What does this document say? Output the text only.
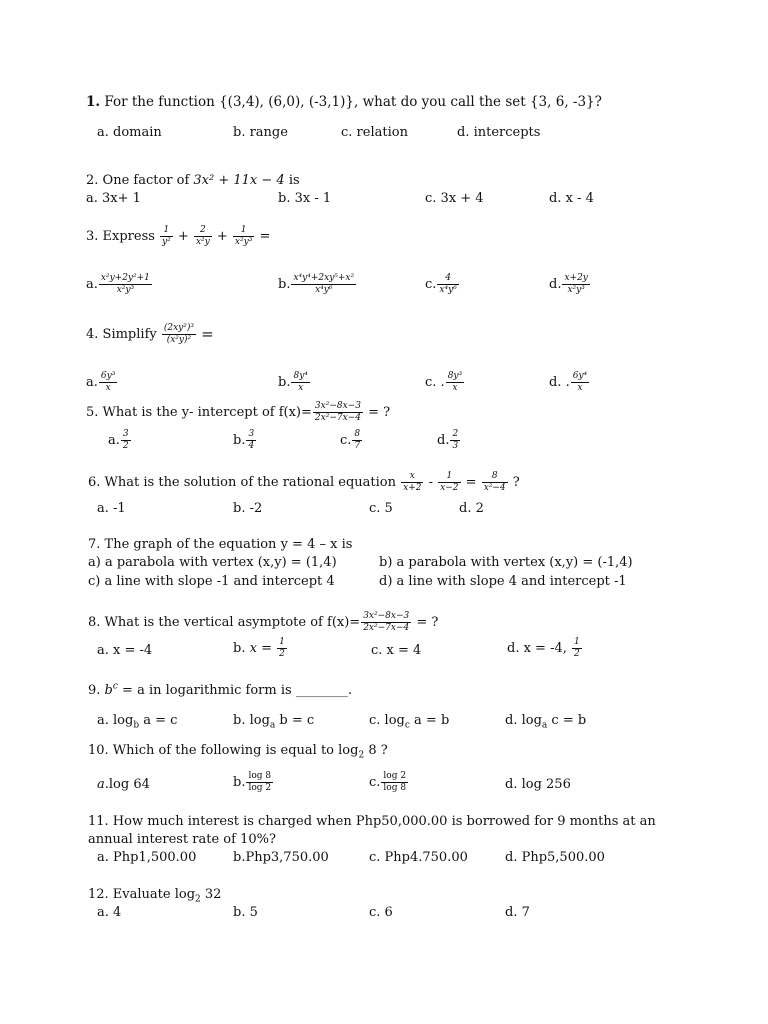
1. For the function {(3,4), (6,0), (-3,1)}, what do you call the set {3, 6, -3}?
a. domain	b. range	c. relation	d. intercepts
2. One factor of 3x² + 11x − 4 is
a. 3x+ 1	b. 3x - 1	c. 3x + 4	d. x - 4
3. Express $\frac{1}{\text{y²}} + \frac{2}{\text{x²y}} + \frac{1}{\text{x²y³}}$ =
a. $\frac{\text{x²y+2y²+1}}{\text{x²y³}}$	b. $\frac{\text{x⁴y⁴+2xy⁵+x²}}{\text{x⁴y⁶}}$	c. $\frac{4}{\text{x⁴y⁶}}$	d. $\frac{x+2y}{\text{x²y³}}$
4. Simplify $\frac{\text{(2xy²)³}}{\text{(x²y)²}}$ =
a. $\frac{\text{6y³}}{x}$	b. $\frac{\text{8y⁴}}{x}$	c. . $\frac{\text{8y³}}{x}$	d. . $\frac{\text{6y⁴}}{x}$
5. What is the y- intercept of $f(x)= \frac{\text{3x²−8x−3}}{\text{2x²−7x−4}}$ = ?
a. $\frac{3}{2}$	b. $\frac{3}{4}$	c. $\frac{8}{7}$	d. $\frac{2}{3}$
6. What is the solution of the rational equation $\frac{x}{x+2} - \frac{1}{x-2} = \frac{8}{\text{x²−4}}$ ?
a. -1	b. -2	c. 5	d. 2
7. The graph of the equation y = 4 – x is
a) a parabola with vertex (x,y) = (1,4)	b) a parabola with vertex (x,y) = (-1,4)
c) a line with slope -1 and intercept 4	d) a line with slope 4 and intercept -1
8. What is the vertical asymptote of $f(x)= \frac{\text{3x²−8x−3}}{\text{2x²−7x−4}}$ = ?
a. x = -4	b. $x = \frac{1}{2}$	c. x = 4	d. x = -4, $\frac{1}{2}$
9. $b^c = a$ in logarithmic form is ________.
a. $\log_b a = c$	b. $\log_a b = c$	c. $\log_c a = b$	d. $\log_a c = b$
10. Which of the following is equal to $\log_2 8$ ?
a.log 64	b. $\frac{\log 8}{\log 2}$	c. $\frac{\log 2}{\log 8}$	d. log 256
11. How much interest is charged when Php50,000.00 is borrowed for 9 months at an
annual interest rate of 10%?
a. Php1,500.00	b.Php3,750.00	c. Php4.750.00	d. Php5,500.00
12. Evaluate $\log_2 32$
a. 4	b. 5	c. 6	d. 7
